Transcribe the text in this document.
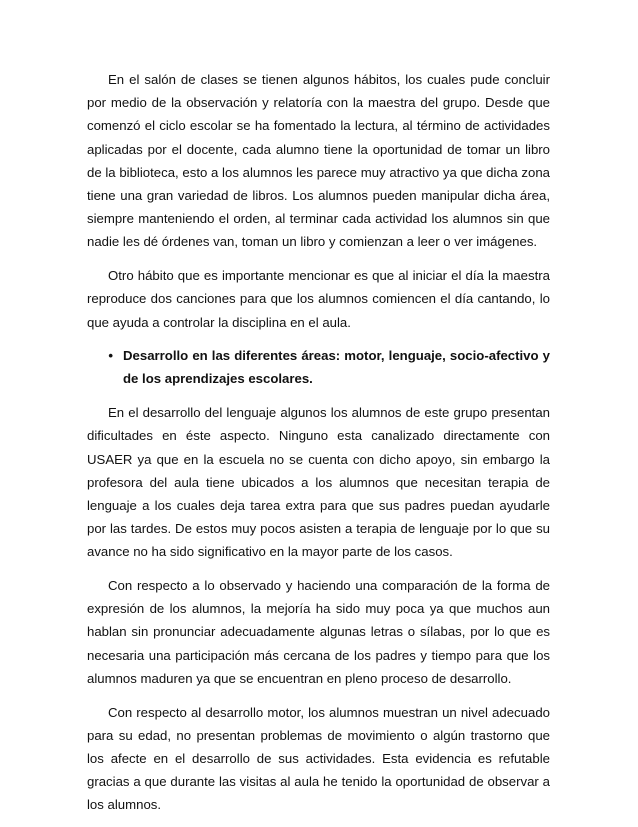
En el salón de clases se tienen algunos hábitos, los cuales pude concluir por medio de la observación y relatoría con la maestra del grupo. Desde que comenzó el ciclo escolar se ha fomentado la lectura, al término de actividades aplicadas por el docente, cada alumno tiene la oportunidad de tomar un libro de la biblioteca, esto a los alumnos les parece muy atractivo ya que dicha zona tiene una gran variedad de libros. Los alumnos pueden manipular dicha área, siempre manteniendo el orden, al terminar cada actividad los alumnos sin que nadie les dé órdenes van, toman un libro y comienzan a leer o ver imágenes.

Otro hábito que es importante mencionar es que al iniciar el día la maestra reproduce dos canciones para que los alumnos comiencen el día cantando, lo que ayuda a controlar la disciplina en el aula.

• Desarrollo en las diferentes áreas: motor, lenguaje, socio-afectivo y de los aprendizajes escolares.

En el desarrollo del lenguaje algunos los alumnos de este grupo presentan dificultades en éste aspecto. Ninguno esta canalizado directamente con USAER ya que en la escuela no se cuenta con dicho apoyo, sin embargo la profesora del aula tiene ubicados a los alumnos que necesitan terapia de lenguaje a los cuales deja tarea extra para que sus padres puedan ayudarle por las tardes. De estos muy pocos asisten a terapia de lenguaje por lo que su avance no ha sido significativo en la mayor parte de los casos.

Con respecto a lo observado y haciendo una comparación de la forma de expresión de los alumnos, la mejoría ha sido muy poca ya que muchos aun hablan sin pronunciar adecuadamente algunas letras o sílabas, por lo que es necesaria una participación más cercana de los padres y tiempo para que los alumnos maduren ya que se encuentran en pleno proceso de desarrollo.

Con respecto al desarrollo motor, los alumnos muestran un nivel adecuado para su edad, no presentan problemas de movimiento o algún trastorno que los afecte en el desarrollo de sus actividades. Esta evidencia es refutable gracias a que durante las visitas al aula he tenido la oportunidad de observar a los alumnos.
